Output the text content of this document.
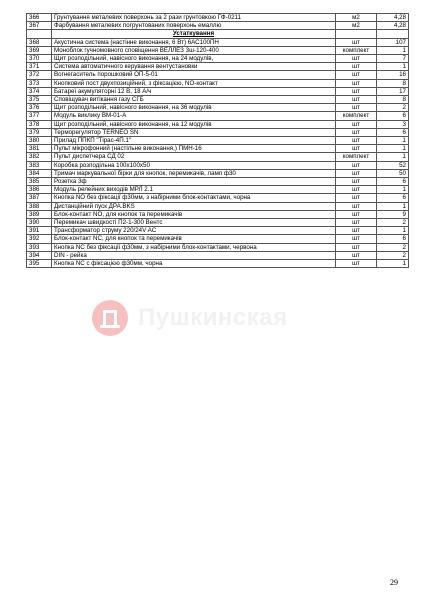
366	Грунтування металевих поверхонь за 2 рази грунтовкою ГФ-0211	м2	4,28
367	Фарбування металевих погрунтованих поверхонь емаллю	м2	4,28
	Устаткування		
368	Акустична система (настінне виконання, 6 Вт) 6АС100ПН	шт	107
369	Моноблок гучномовного сповіщення ВЕЛЛЕЗ 3ш-120-400	комплект	1
370	Щит розподільний, навісного виконання, на 24 модулів,	шт	7
371	Система автоматичного керування вентустановки	шт	1
372	Вогнегаситель порошковий ОП-5-01	шт	16
373	Кнопковий пост двухпозиційний, з фіксацією, NO-контакт	шт	8
374	Батареї акумуляторні 12 В, 18 А/ч	шт	17
375	Сповіщувач витікання газу СГБ	шт	8
376	Щит розподільний, навісного виконання, на 36 модулів	шт	2
377	Модуль виклику ВМ-01-А	комплект	6
378	Щит розподільний, навісного виконання, на 12 модулів	шт	3
379	Терморегулятор TERNEO SN	шт	6
380	Прилад ППКП "Тірас-4П.1"	шт	1
381	Пульт мікрофонний (настільне виконання,) ПМН-16	шт	1
382	Пульт диспетчера СД 02	комплект	1
383	Коробка розподільна 100х100х50	шт	52
384	Тримач маркувальної бірки для кнопок, перемикачів, ламп ф30	шт	50
385	Розетка 3ф	шт	6
386	Модуль релейних виходів МРЛ 2.1	шт	1
387	Кнопка NO без фіксації ф30мм, з набірними блок-контактами, чорна	шт	6
388	Дистанційний пуск ДРА.BKS	шт	1
389	Блок-контакт NO, для кнопок та перемикачів	шт	9
390	Перемикач швидкості П2-1-300 Вентс	шт	2
391	Трансформатор струму 220/24V AC	шт	1
392	Блок-контакт NC, для кнопок та перемикачів	шт	6
393	Кнопка NC без фіксації ф30мм, з набірними блок-контактами, червона	шт	2
394	DIN - рейка	шт	2
395	Кнопка NC с фіксацією ф30мм, чорна	шт	1
Пушкинская
29
